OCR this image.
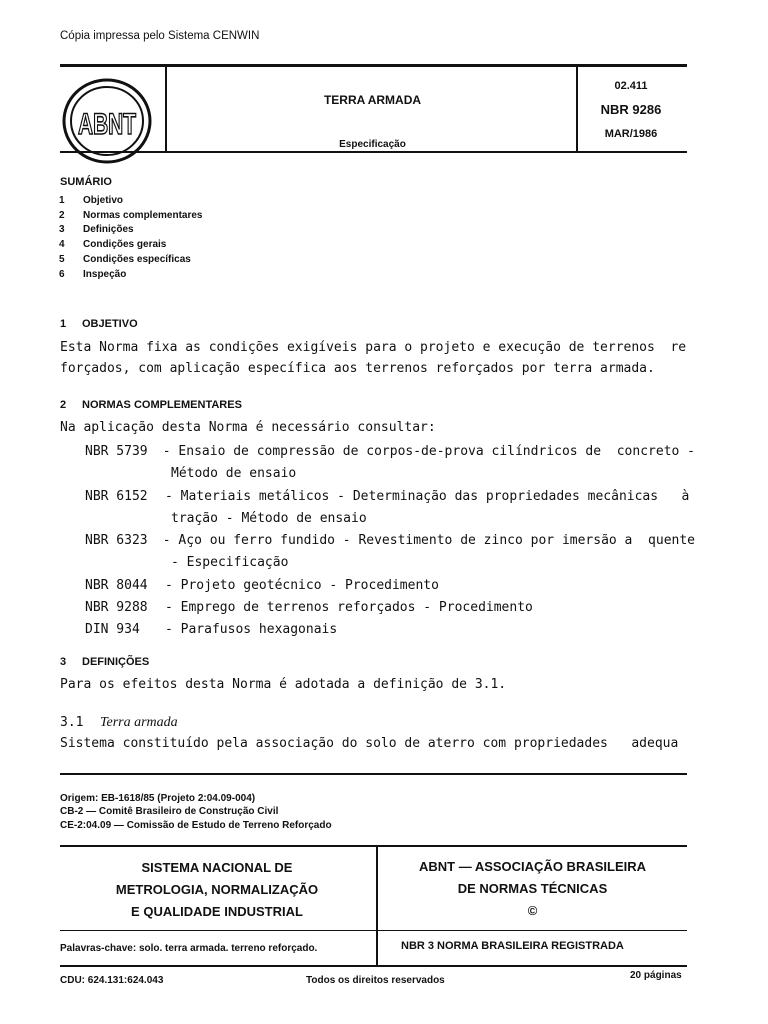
Cópia impressa pelo Sistema CENWIN
ABNT
TERRA ARMADA
Especificação
02.411
NBR 9286
MAR/1986
SUMÁRIO
1	Objetivo
2	Normas complementares
3	Definições
4	Condições gerais
5	Condições específicas
6	Inspeção
1 OBJETIVO
Esta Norma fixa as condições exigíveis para o projeto e execução de terrenos  re
forçados, com aplicação específica aos terrenos reforçados por terra armada.
2 NORMAS COMPLEMENTARES
Na aplicação desta Norma é necessário consultar:
NBR 5739	- Ensaio de compressão de corpos-de-prova cilíndricos de  concreto -
Método de ensaio
NBR 6152	- Materiais metálicos - Determinação das propriedades mecânicas   à
tração - Método de ensaio
NBR 6323	- Aço ou ferro fundido - Revestimento de zinco por imersão a  quente
- Especificação
NBR 8044	- Projeto geotécnico - Procedimento
NBR 9288	- Emprego de terrenos reforçados - Procedimento
DIN 934	- Parafusos hexagonais
3 DEFINIÇÕES
Para os efeitos desta Norma é adotada a definição de 3.1.
3.1 Terra armada
Sistema constituído pela associação do solo de aterro com propriedades   adequa
Origem: EB-1618/85 (Projeto 2:04.09-004)
CB-2 — Comitê Brasileiro de Construção Civil
CE-2:04.09 — Comissão de Estudo de Terreno Reforçado
SISTEMA NACIONAL DE
METROLOGIA, NORMALIZAÇÃO
E QUALIDADE INDUSTRIAL
ABNT — ASSOCIAÇÃO BRASILEIRA
DE NORMAS TÉCNICAS
©
Palavras-chave: solo. terra armada. terreno reforçado.	NBR 3 NORMA BRASILEIRA REGISTRADA
CDU: 624.131:624.043	Todos os direitos reservados	20 páginas
